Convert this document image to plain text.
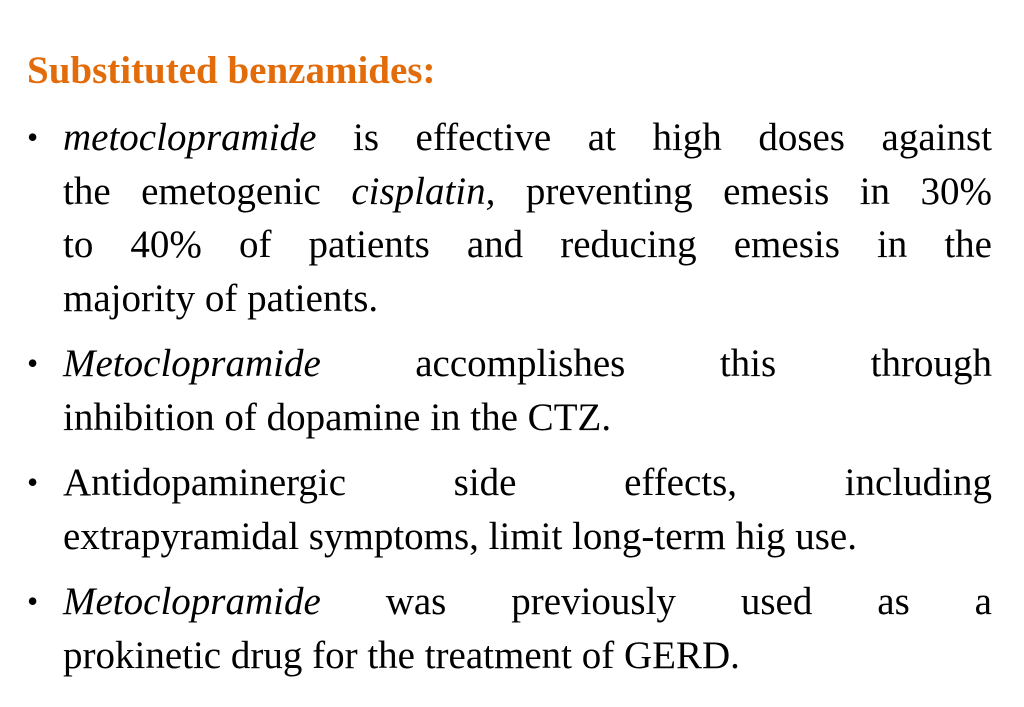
Substituted benzamides:
• metoclopramide is effective at high doses against
the emetogenic cisplatin, preventing emesis in 30%
to 40% of patients and reducing emesis in the
majority of patients.
• Metoclopramide accomplishes this through
inhibition of dopamine in the CTZ.
• Antidopaminergic side effects, including
extrapyramidal symptoms, limit long-term hig use.
• Metoclopramide was previously used as a
prokinetic drug for the treatment of GERD.
